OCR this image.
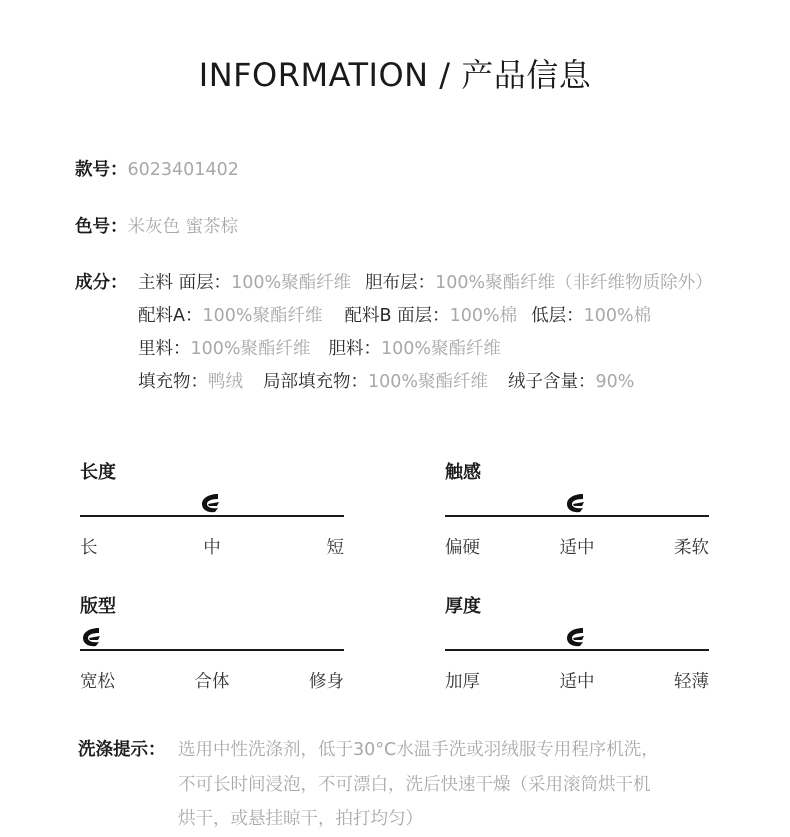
INFORMATION / 产品信息
款号：6023401402
色号：米灰色 蜜茶棕
成分： 主料 面层：100%聚酯纤维 胆布层：100%聚酯纤维（非纤维物质除外）
配料A：100%聚酯纤维 配料B 面层：100%棉 低层：100%棉
里料：100%聚酯纤维 胆料：100%聚酯纤维
填充物：鸭绒 局部填充物：100%聚酯纤维 绒子含量：90%
长度
长	中	短
触感
偏硬	适中	柔软
版型
宽松	合体	修身
厚度
加厚	适中	轻薄
洗涤提示： 选用中性洗涤剂，低于30°C水温手洗或羽绒服专用程序机洗，
不可长时间浸泡，不可漂白，洗后快速干燥（采用滚筒烘干机
烘干，或悬挂晾干，拍打均匀）
